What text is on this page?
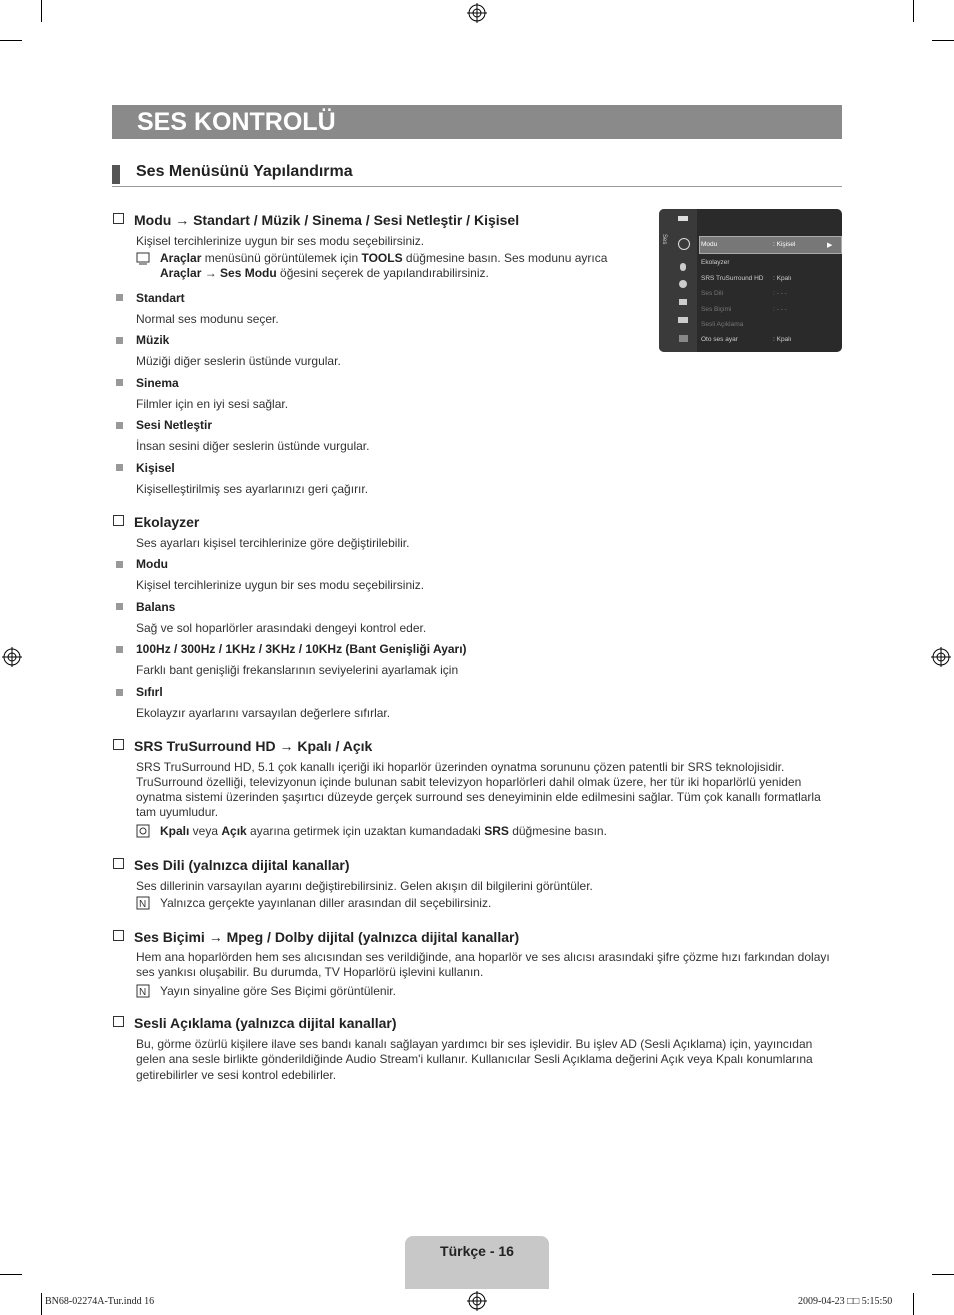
SES KONTROLÜ
Ses Menüsünü Yapılandırma
Ses
Modu	: Kişisel	▶
Ekolayzer
SRS TruSurround HD : Kpalı
Ses Dili	: - - -
Ses Biçimi	: - - -
Sesli Açıklama
Oto ses ayar	: Kpalı
Modu → Standart / Müzik / Sinema / Sesi Netleştir / Kişisel
Kişisel tercihlerinize uygun bir ses modu seçebilirsiniz.
Araçlar menüsünü görüntülemek için TOOLS düğmesine basın. Ses modunu ayrıca
Araçlar → Ses Modu öğesini seçerek de yapılandırabilirsiniz.
Standart
Normal ses modunu seçer.
Müzik
Müziği diğer seslerin üstünde vurgular.
Sinema
Filmler için en iyi sesi sağlar.
Sesi Netleştir
İnsan sesini diğer seslerin üstünde vurgular.
Kişisel
Kişiselleştirilmiş ses ayarlarınızı geri çağırır.
Ekolayzer
Ses ayarları kişisel tercihlerinize göre değiştirilebilir.
Modu
Kişisel tercihlerinize uygun bir ses modu seçebilirsiniz.
Balans
Sağ ve sol hoparlörler arasındaki dengeyi kontrol eder.
100Hz / 300Hz / 1KHz / 3KHz / 10KHz (Bant Genişliği Ayarı)
Farklı bant genişliği frekanslarının seviyelerini ayarlamak için
Sıfırl
Ekolayzır ayarlarını varsayılan değerlere sıfırlar.
SRS TruSurround HD → Kpalı / Açık
SRS TruSurround HD, 5.1 çok kanallı içeriği iki hoparlör üzerinden oynatma sorununu çözen patentli bir SRS teknolojisidir.
TruSurround özelliği, televizyonun içinde bulunan sabit televizyon hoparlörleri dahil olmak üzere, her tür iki hoparlörlü yeniden
oynatma sistemi üzerinden şaşırtıcı düzeyde gerçek surround ses deneyiminin elde edilmesini sağlar. Tüm çok kanallı formatlarla
tam uyumludur.
Kpalı veya Açık ayarına getirmek için uzaktan kumandadaki SRS düğmesine basın.
Ses Dili (yalnızca dijital kanallar)
Ses dillerinin varsayılan ayarını değiştirebilirsiniz. Gelen akışın dil bilgilerini görüntüler.
N Yalnızca gerçekte yayınlanan diller arasından dil seçebilirsiniz.
Ses Biçimi → Mpeg / Dolby dijital (yalnızca dijital kanallar)
Hem ana hoparlörden hem ses alıcısından ses verildiğinde, ana hoparlör ve ses alıcısı arasındaki şifre çözme hızı farkından dolayı
ses yankısı oluşabilir. Bu durumda, TV Hoparlörü işlevini kullanın.
N Yayın sinyaline göre Ses Biçimi görüntülenir.
Sesli Açıklama (yalnızca dijital kanallar)
Bu, görme özürlü kişilere ilave ses bandı kanalı sağlayan yardımcı bir ses işlevidir. Bu işlev AD (Sesli Açıklama) için, yayıncıdan
gelen ana sesle birlikte gönderildiğinde Audio Stream'i kullanır. Kullanıcılar Sesli Açıklama değerini Açık veya Kpalı konumlarına
getirebilirler ve sesi kontrol edebilirler.
Türkçe - 16
BN68-02274A-Tur.indd 16	2009-04-23 □□ 5:15:50
